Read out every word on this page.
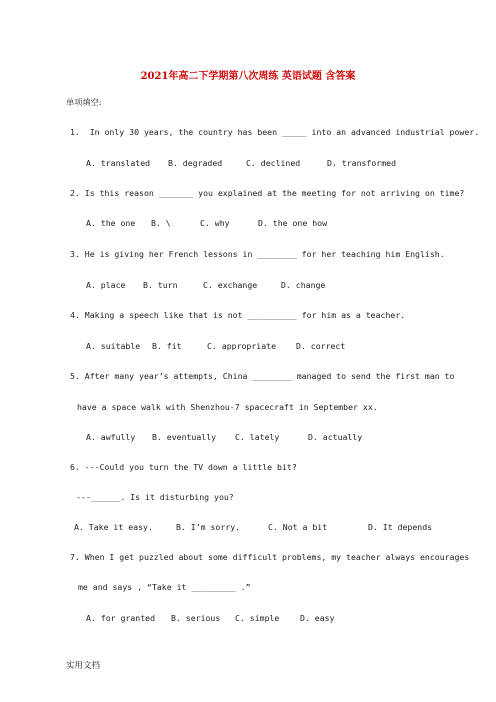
2021年高二下学期第八次周练 英语试题 含答案
单项填空:
1.  In only 30 years, the country has been _____ into an advanced industrial power.
A. translated B. degraded	C. declined	D. transformed
2. Is this reason _______ you explained at the meeting for not arriving on time?
A. the one B. \	C. why	D. the one how
3. He is giving her French lessons in ________ for her teaching him English.
A. place B. turn	C. exchange	D. change
4. Making a speech like that is not __________ for him as a teacher.
A. suitable B. fit	C. appropriate D. correct
5. After many year’s attempts, China ________ managed to send the first man to
have a space walk with Shenzhou-7 spacecraft in September xx.
A. awfully B. eventually C. lately	D. actually
6. ---Could you turn the TV down a little bit?
---______. Is it disturbing you?
A. Take it easy.	B. I’m sorry.	C. Not a bit	D. It depends
7. When I get puzzled about some difficult problems, my teacher always encourages
me and says , “Take it _________ .”
A. for granted B. serious C. simple	D. easy
实用文档
